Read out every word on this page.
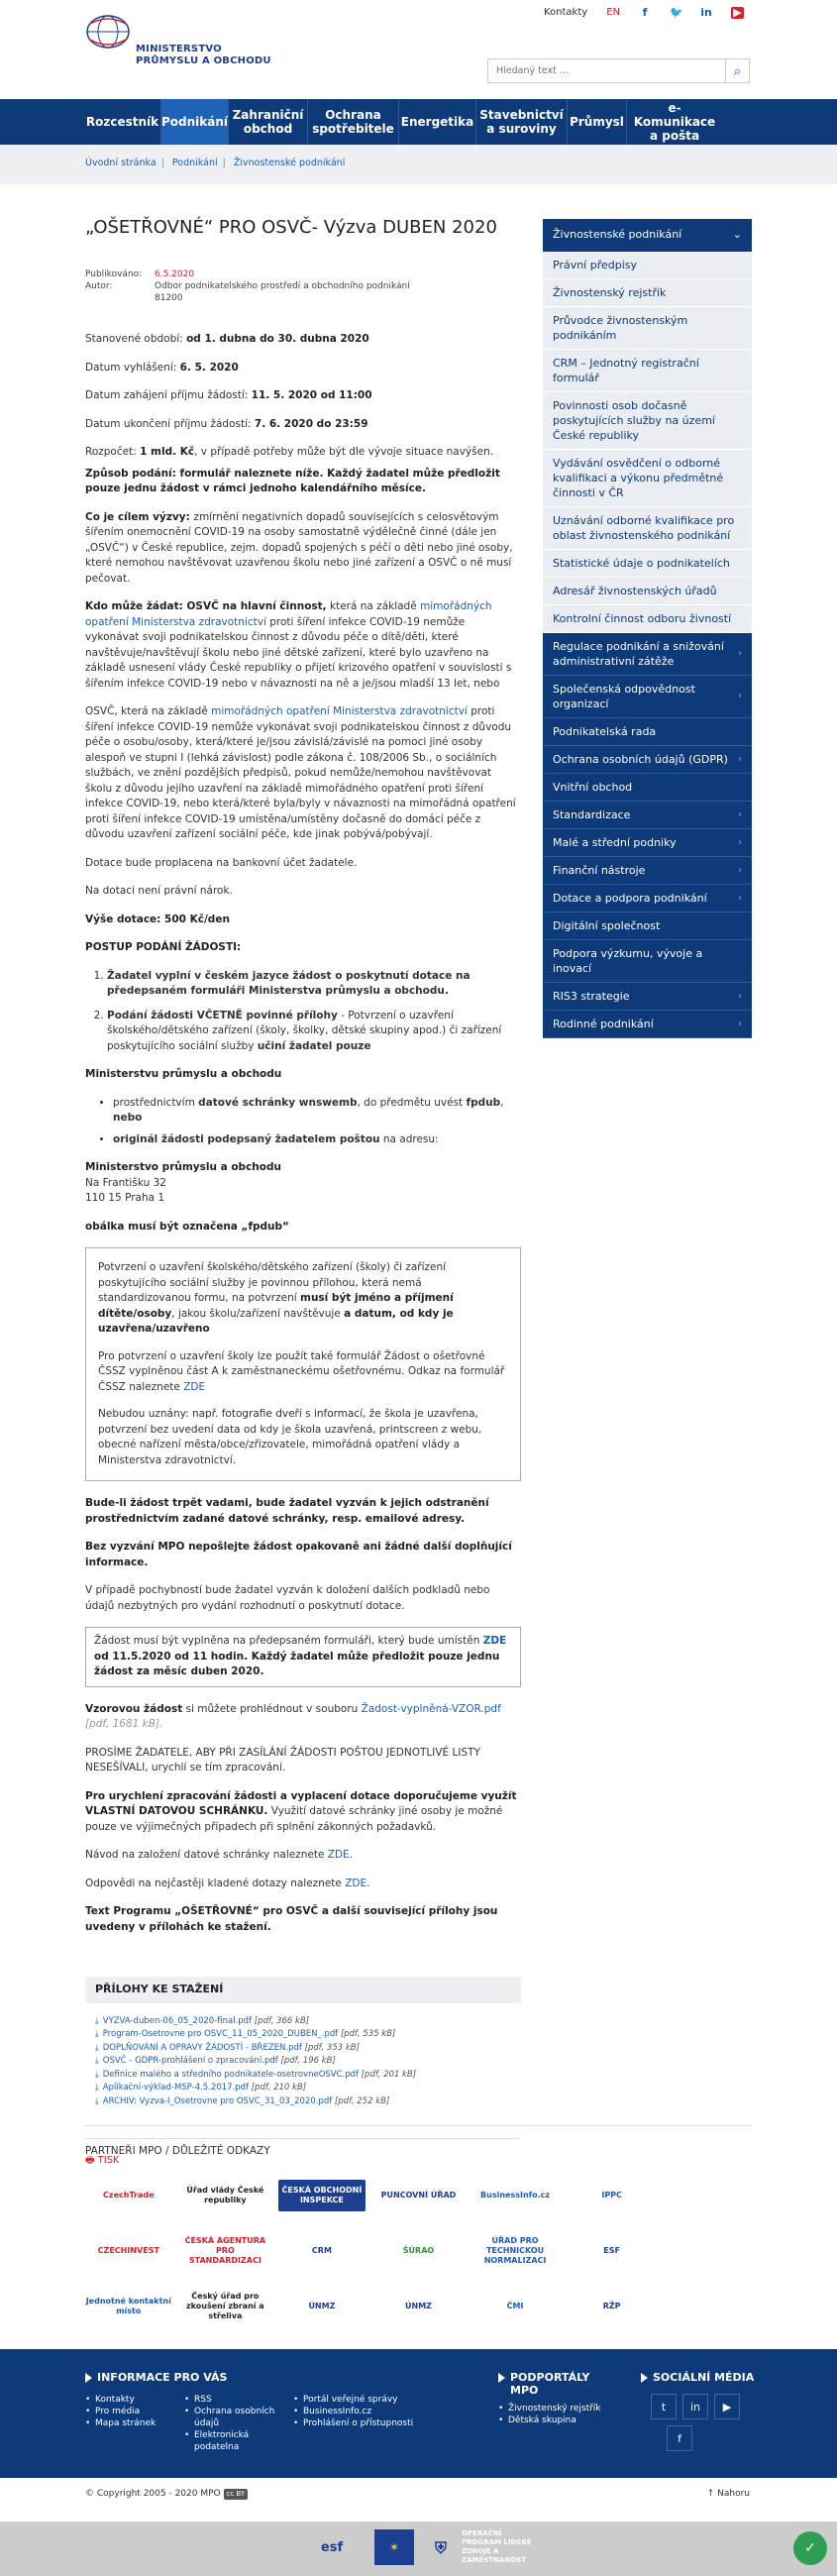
MINISTERSTVO
PRŮMYSLU A OBCHODU
Kontakty EN	f	🐦 in ▶
Hledaný text ...
⌕
Rozcestník Podnikání Zahraniční obchod
Ochrana spotřebitele Energetika Stavebnictví a suroviny	Průmysl
e-Komunikace a pošta
Úvodní stránka | Podnikání | Živnostenské podnikání
„OŠETŘOVNÉ“ PRO OSVČ- Výzva DUBEN 2020
Publikováno:	6.5.2020
Autor:	Odbor podnikatelského prostředí a obchodního podnikání
81200
Stanovené období: od 1. dubna do 30. dubna 2020
Datum vyhlášení: 6. 5. 2020
Datum zahájení příjmu žádostí: 11. 5. 2020 od 11:00
Datum ukončení příjmu žádostí: 7. 6. 2020 do 23:59
Rozpočet: 1 mld. Kč, v případě potřeby může být dle vývoje situace navýšen.
Způsob podání: formulář naleznete níže. Každý žadatel může předložit pouze jednu žádost v rámci jednoho kalendářního měsíce.
Co je cílem výzvy: zmírnění negativních dopadů souvisejících s celosvětovým šířením onemocnění COVID-19 na osoby samostatně výdělečně činné (dále jen „OSVČ“) v České republice, zejm. dopadů spojených s péčí o děti nebo jiné osoby, které nemohou navštěvovat uzavřenou školu nebo jiné zařízení a OSVČ o ně musí pečovat.
Kdo může žádat: OSVČ na hlavní činnost, která na základě mimořádných opatření Ministerstva zdravotnictví proti šíření infekce COVID-19 nemůže vykonávat svoji podnikatelskou činnost z důvodu péče o dítě/děti, které navštěvuje/navštěvují školu nebo jiné dětské zařízení, které bylo uzavřeno na základě usnesení vlády České republiky o přijetí krizového opatření v souvislosti s šířením infekce COVID-19 nebo v návaznosti na ně a je/jsou mladší 13 let, nebo
OSVČ, která na základě mimořádných opatření Ministerstva zdravotnictví proti šíření infekce COVID-19 nemůže vykonávat svoji podnikatelskou činnost z důvodu péče o osobu/osoby, která/které je/jsou závislá/závislé na pomoci jiné osoby alespoň ve stupni I (lehká závislost) podle zákona č. 108/2006 Sb., o sociálních službách, ve znění pozdějších předpisů, pokud nemůže/nemohou navštěvovat školu z důvodu jejího uzavření na základě mimořádného opatření proti šíření infekce COVID-19, nebo která/které byla/byly v návaznosti na mimořádná opatření proti šíření infekce COVID-19 umístěna/umístěny dočasně do domácí péče z důvodu uzavření zařízení sociální péče, kde jinak pobývá/pobývají.
Dotace bude proplacena na bankovní účet žadatele.
Na dotaci není právní nárok.
Výše dotace: 500 Kč/den
POSTUP PODÁNÍ ŽÁDOSTI:
1. Žadatel vyplní v českém jazyce žádost o poskytnutí dotace na předepsaném formuláři Ministerstva průmyslu a obchodu.
2. Podání žádosti VČETNĚ povinné přílohy - Potvrzení o uzavření školského/dětského zařízení (školy, školky, dětské skupiny apod.) či zařízení poskytujícího sociální služby učiní žadatel pouze
Ministerstvu průmyslu a obchodu
• prostřednictvím datové schránky wnswemb, do předmětu uvést fpdub, nebo
• originál žádosti podepsaný žadatelem poštou na adresu:
Ministerstvo průmyslu a obchodu
Na Františku 32
110 15 Praha 1
obálka musí být označena „fpdub“
Potvrzení o uzavření školského/dětského zařízení (školy) či zařízení poskytujícího sociální služby je povinnou přílohou, která nemá standardizovanou formu, na potvrzení musí být jméno a příjmení dítěte/osoby, jakou školu/zařízení navštěvuje a datum, od kdy je uzavřena/uzavřeno
Pro potvrzení o uzavření školy lze použít také formulář Žádost o ošetřovné ČSSZ vyplněnou část A k zaměstnaneckému ošetřovnému. Odkaz na formulář ČSSZ naleznete ZDE
Nebudou uznány: např. fotografie dveří s informací, že škola je uzavřena, potvrzení bez uvedení data od kdy je škola uzavřená, printscreen z webu, obecné nařízení města/obce/zřizovatele, mimořádná opatření vlády a Ministerstva zdravotnictví.
Bude-li žádost trpět vadami, bude žadatel vyzván k jejich odstranění prostřednictvím zadané datové schránky, resp. emailové adresy.
Bez vyzvání MPO nepošlejte žádost opakovaně ani žádné další doplňující informace.
V případě pochybností bude žadatel vyzván k doložení dalších podkladů nebo údajů nezbytných pro vydání rozhodnutí o poskytnutí dotace.
Žádost musí být vyplněna na předepsaném formuláři, který bude umístěn ZDE od 11.5.2020 od 11 hodin. Každý žadatel může předložit pouze jednu žádost za měsíc duben 2020.
Vzorovou žádost si můžete prohlédnout v souboru Žadost-vyplněná-VZOR.pdf
[pdf, 1681 kB].
PROSÍME ŽADATELE, ABY PŘI ZASÍLÁNÍ ŽÁDOSTI POŠTOU JEDNOTLIVÉ LISTY NESEŠÍVALI, urychlí se tím zpracování.
Pro urychlení zpracování žádosti a vyplacení dotace doporučujeme využít VLASTNÍ DATOVOU SCHRÁNKU. Využití datové schránky jiné osoby je možné pouze ve výjimečných případech při splnění zákonných požadavků.
Návod na založení datové schránky naleznete ZDE.
Odpovědi na nejčastěji kladené dotazy naleznete ZDE.
Text Programu „OŠETŘOVNÉ“ pro OSVČ a další související přílohy jsou uvedeny v přílohách ke stažení.
PŘÍLOHY KE STAŽENÍ
⤓ VYZVA-duben-06_05_2020-final.pdf [pdf, 366 kB]
⤓ Program-Osetrovne pro OSVC_11_05_2020_DUBEN_.pdf [pdf, 535 kB]
⤓ DOPLŇOVÁNÍ A OPRAVY ŽÁDOSTÍ - BŘEZEN.pdf [pdf, 353 kB]
⤓ OSVČ - GDPR-prohlášení o zpracování.pdf [pdf, 196 kB]
⤓ Definice malého a středního podnikatele-osetrovneOSVC.pdf [pdf, 201 kB]
⤓ Aplikační-výklad-MSP-4.5.2017.pdf [pdf, 210 kB]
⤓ ARCHIV: Vyzva-I_Osetrovne pro OSVC_31_03_2020.pdf [pdf, 252 kB]
🖶 TISK
Živnostenské podnikání	⌄
Právní předpisy
Živnostenský rejstřík
Průvodce živnostenským podnikáním
CRM – Jednotný registrační formulář
Povinnosti osob dočasně poskytujících služby na území České republiky
Vydávání osvědčení o odborné kvalifikaci a výkonu předmětné činnosti v ČR
Uznávání odborné kvalifikace pro oblast živnostenského podnikání
Statistické údaje o podnikatelích
Adresář živnostenských úřadů
Kontrolní činnost odboru živností
Regulace podnikání a snižování administrativní zátěže
›
Společenská odpovědnost organizací
›
Podnikatelská rada
Ochrana osobních údajů (GDPR) ›
Vnitřní obchod
Standardizace	›
Malé a střední podniky	›
Finanční nástroje	›
Dotace a podpora podnikání	›
Digitální společnost
Podpora výzkumu, vývoje a inovací
RIS3 strategie	›
Rodinné podnikání	›
PARTNEŘI MPO / DŮLEŽITÉ ODKAZY
CzechTrade
Úřad vlády České republiky
ČESKÁ OBCHODNÍ INSPEKCE
PUNCOVNÍ ÚŘAD	BusinessInfo.cz	IPPC
CZECHINVEST
ČESKÁ AGENTURA PRO STANDARDIZACI
CRM	ŠÚRAO
ÚŘAD PRO TECHNICKOU NORMALIZACI
ESF
Jednotné kontaktní místo
Český úřad pro zkoušení zbraní a střeliva
ÚNMZ	ÚNMZ	ČMI	RŽP
INFORMACE PRO VÁS
• Kontakty
• Pro média
• Mapa stránek
• RSS
• Ochrana osobních údajů
• Elektronická podatelna
• Portál veřejné správy
• BusinessInfo.cz
• Prohlášení o přístupnosti
PODPORTÁLY MPO
• Živnostenský rejstřík
• Dětská skupina
SOCIÁLNÍ MÉDIA
t in ▶
f
© Copyright 2005 - 2020 MPO cc BY	↑ Nahoru
esf	✶	⛨
OPERAČNÍ PROGRAM LIDSKÉ ZDROJE A ZAMĚSTNANOST
✓
